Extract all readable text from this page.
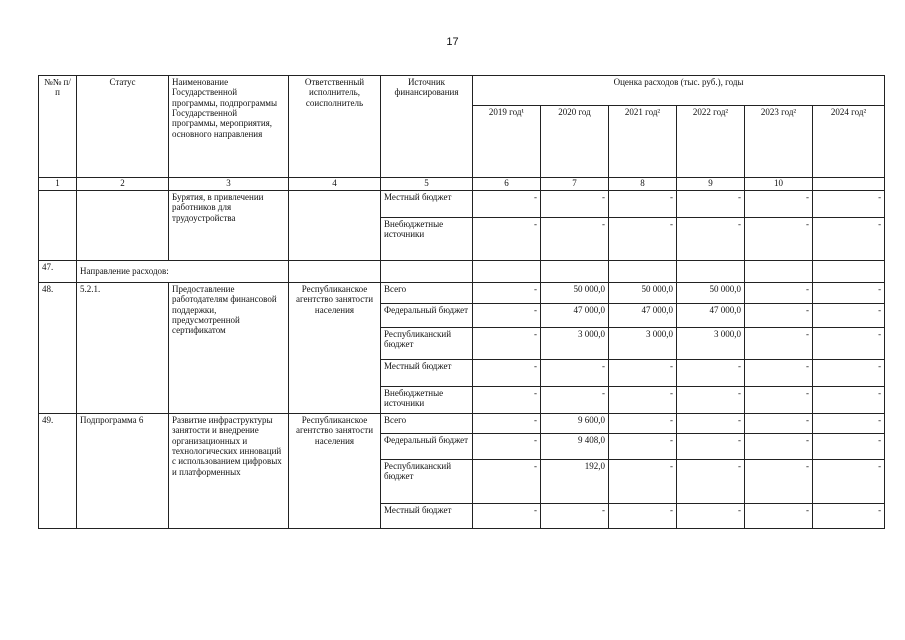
17
№№ п/п	Статус	Наименование Государственной программы, подпрограммы Государственной программы, мероприятия, основного направления	Ответственный исполнитель, соисполнитель	Источник финансирования	Оценка расходов (тыс. руб.), годы					
					2019 год¹	2020 год	2021 год²	2022 год²	2023 год²	2024 год²
1	2	3	4	5	6	7	8	9	10	
		Бурятия, в привлечении работников для трудоустройства		Местный бюджет	-	-	-	-	-	-
				Внебюджетные источники	-	-	-	-	-	-
47.	Направление расходов:									
48.	5.2.1.	Предоставление работодателям финансовой поддержки, предусмотренной сертификатом	Республиканское агентство занятости населения	Всего	-	50 000,0	50 000,0	50 000,0	-	-
				Федеральный бюджет	-	47 000,0	47 000,0	47 000,0	-	-
				Республиканский бюджет	-	3 000,0	3 000,0	3 000,0	-	-
				Местный бюджет	-	-	-	-	-	-
				Внебюджетные источники	-	-	-	-	-	-
49.	Подпрограмма 6	Развитие инфраструктуры занятости и внедрение организационных и технологических инноваций с использованием цифровых и платформенных	Республиканское агентство занятости населения	Всего	-	9 600,0	-	-	-	-
				Федеральный бюджет	-	9 408,0	-	-	-	-
				Республиканский бюджет	-	192,0	-	-	-	-
				Местный бюджет	-	-	-	-	-	-
